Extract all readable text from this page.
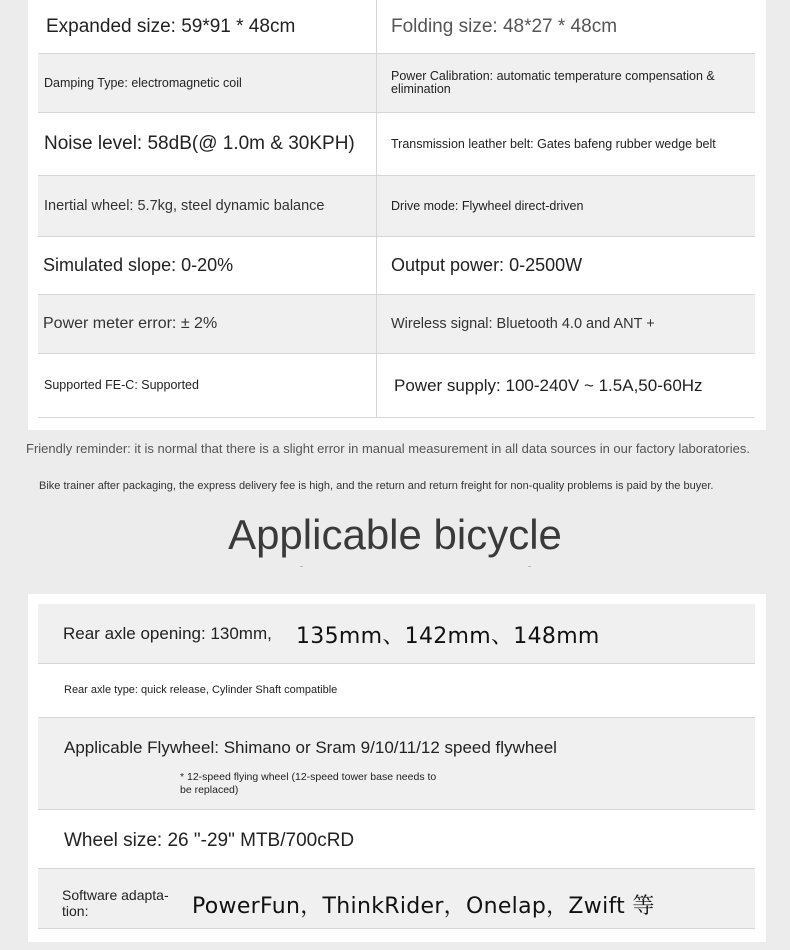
Expanded size: 59*91 * 48cm	Folding size: 48*27 * 48cm
Damping Type: electromagnetic coil	Power Calibration: automatic temperature compensation & elimination
Noise level: 58dB(@ 1.0m & 30KPH)	Transmission leather belt: Gates bafeng rubber wedge belt
Inertial wheel: 5.7kg, steel dynamic balance	Drive mode: Flywheel direct-driven
Simulated slope: 0-20%	Output power: 0-2500W
Power meter error: ± 2%	Wireless signal: Bluetooth 4.0 and ANT +
Supported FE-C: Supported	Power supply: 100-240V ~ 1.5A,50-60Hz
Friendly reminder: it is normal that there is a slight error in manual measurement in all data sources in our factory laboratories.
Bike trainer after packaging, the express delivery fee is high, and the return and return freight for non-quality problems is paid by the buyer.
Applicable bicycle
Rear axle opening: 130mm, 135mm、142mm、148mm
Rear axle type: quick release, Cylinder Shaft compatible
Applicable Flywheel: Shimano or Sram 9/10/11/12 speed flywheel
* 12-speed flying wheel (12-speed tower base needs to
be replaced)
Wheel size: 26 "-29" MTB/700cRD
Software adapta-
tion:	PowerFun，ThinkRider，Onelap，Zwift 等
